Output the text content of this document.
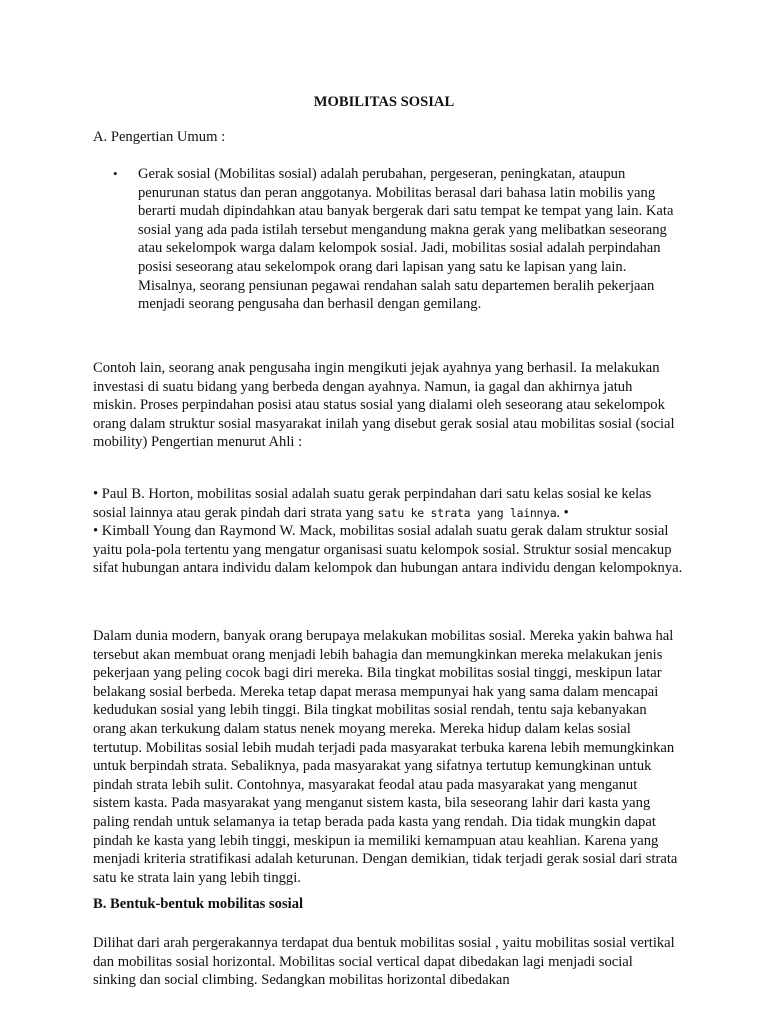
MOBILITAS SOSIAL
A. Pengertian Umum :
• Gerak sosial (Mobilitas sosial) adalah perubahan, pergeseran, peningkatan, ataupun penurunan status dan peran anggotanya. Mobilitas berasal dari bahasa latin mobilis yang berarti mudah dipindahkan atau banyak bergerak dari satu tempat ke tempat yang lain. Kata sosial yang ada pada istilah tersebut mengandung makna gerak yang melibatkan seseorang atau sekelompok warga dalam kelompok sosial. Jadi, mobilitas sosial adalah perpindahan posisi seseorang atau sekelompok orang dari lapisan yang satu ke lapisan yang lain. Misalnya, seorang pensiunan pegawai rendahan salah satu departemen beralih pekerjaan menjadi seorang pengusaha dan berhasil dengan gemilang.
Contoh lain, seorang anak pengusaha ingin mengikuti jejak ayahnya yang berhasil. Ia melakukan investasi di suatu bidang yang berbeda dengan ayahnya. Namun, ia gagal dan akhirnya jatuh miskin. Proses perpindahan posisi atau status sosial yang dialami oleh seseorang atau sekelompok orang dalam struktur sosial masyarakat inilah yang disebut gerak sosial atau mobilitas sosial (social mobility) Pengertian menurut Ahli :

• Paul B. Horton, mobilitas sosial adalah suatu gerak perpindahan dari satu kelas sosial ke kelas sosial lainnya atau gerak pindah dari strata yang satu ke strata yang lainnya. •

• Kimball Young dan Raymond W. Mack, mobilitas sosial adalah suatu gerak dalam struktur sosial yaitu pola-pola tertentu yang mengatur organisasi suatu kelompok sosial. Struktur sosial mencakup sifat hubungan antara individu dalam kelompok dan hubungan antara individu dengan kelompoknya.

Dalam dunia modern, banyak orang berupaya melakukan mobilitas sosial. Mereka yakin bahwa hal tersebut akan membuat orang menjadi lebih bahagia dan memungkinkan mereka melakukan jenis pekerjaan yang peling cocok bagi diri mereka. Bila tingkat mobilitas sosial tinggi, meskipun latar belakang sosial berbeda. Mereka tetap dapat merasa mempunyai hak yang sama dalam mencapai kedudukan sosial yang lebih tinggi. Bila tingkat mobilitas sosial rendah, tentu saja kebanyakan orang akan terkukung dalam status nenek moyang mereka. Mereka hidup dalam kelas sosial tertutup. Mobilitas sosial lebih mudah terjadi pada masyarakat terbuka karena lebih memungkinkan untuk berpindah strata. Sebaliknya, pada masyarakat yang sifatnya tertutup kemungkinan untuk pindah strata lebih sulit. Contohnya, masyarakat feodal atau pada masyarakat yang menganut sistem kasta. Pada masyarakat yang menganut sistem kasta, bila seseorang lahir dari kasta yang paling rendah untuk selamanya ia tetap berada pada kasta yang rendah. Dia tidak mungkin dapat pindah ke kasta yang lebih tinggi, meskipun ia memiliki kemampuan atau keahlian. Karena yang menjadi kriteria stratifikasi adalah keturunan. Dengan demikian, tidak terjadi gerak sosial dari strata satu ke strata lain yang lebih tinggi.
B. Bentuk-bentuk mobilitas sosial
Dilihat dari arah pergerakannya terdapat dua bentuk mobilitas sosial , yaitu mobilitas sosial vertikal dan mobilitas sosial horizontal. Mobilitas social vertical dapat dibedakan lagi menjadi social sinking dan social climbing. Sedangkan mobilitas horizontal dibedakan
